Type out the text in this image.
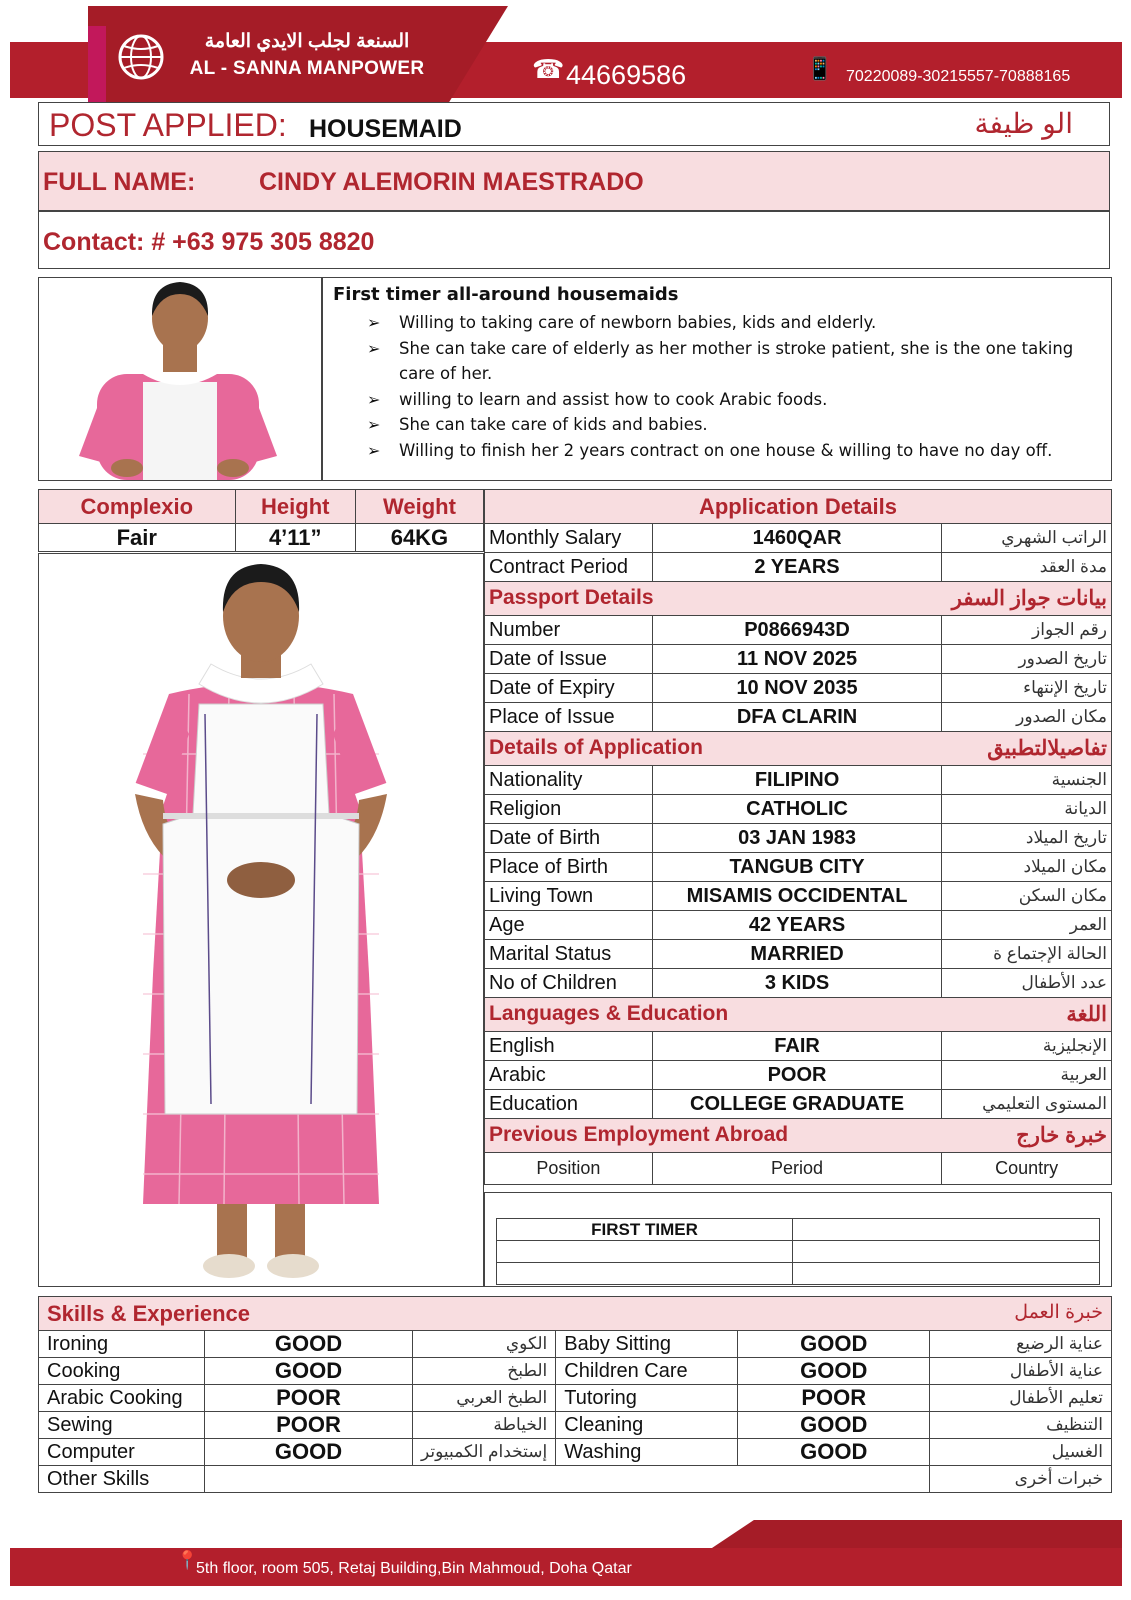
السنعة لجلب الايدي العامة
AL - SANNA MANPOWER	☎ 44669586	📱 70220089-30215557-70888165
POST APPLIED: HOUSEMAID	الو ظيفة
FULL NAME:	CINDY ALEMORIN MAESTRADO
Contact: # +63 975 305 8820
First timer all-around housemaids
➢ Willing to taking care of newborn babies, kids and elderly.
➢ She can take care of elderly as her mother is stroke patient, she is the one taking care of her.
➢ willing to learn and assist how to cook Arabic foods.
➢ She can take care of kids and babies.
➢ Willing to finish her 2 years contract on one house & willing to have no day off.
Complexio	Height	Weight
Fair	4’11”	64KG
Application Details		
Monthly Salary	1460QAR	الراتب الشهري
Contract Period	2 YEARS	مدة العقد
Passport Details بيانات جواز السفر		

Number	P0866943D	رقم الجواز
Date of Issue	11 NOV 2025	تاريخ الصدور
Date of Expiry	10 NOV 2035	تاريخ الإنتهاء
Place of Issue	DFA CLARIN	مكان الصدور
Details of Application تفاصيلالتطبيق		

Nationality	FILIPINO	الجنسية
Religion	CATHOLIC	الديانة
Date of Birth	03 JAN 1983	تاريخ الميلاد
Place of Birth	TANGUB CITY	مكان الميلاد
Living Town	MISAMIS OCCIDENTAL	مكان السكن
Age	42 YEARS	العمر
Marital Status	MARRIED	الحالة الإجتماع ة
No of Children	3 KIDS	عدد الأطفال
Languages & Education اللغة		

English	FAIR	الإنجليزية
Arabic	POOR	العربية
Education	COLLEGE GRADUATE	المستوى التعليمي
Previous Employment Abroad خبرة خارج		

Position	Period	Country
FIRST TIMER	

Skills & Experience خبرة العمل					

Ironing	GOOD	الكوي	Baby Sitting	GOOD	عناية الرضيع
Cooking	GOOD	الطبخ	Children Care	GOOD	عناية الأطفال
Arabic Cooking	POOR	الطبخ العربي	Tutoring	POOR	تعليم الأطفال
Sewing	POOR	الخياطة	Cleaning	GOOD	التنظيف
Computer	GOOD	إستخدام الكمبيوتر	Washing	GOOD	الغسيل
Other Skills					خبرات أخرى
📍
5th floor, room 505, Retaj Building,Bin Mahmoud, Doha Qatar
